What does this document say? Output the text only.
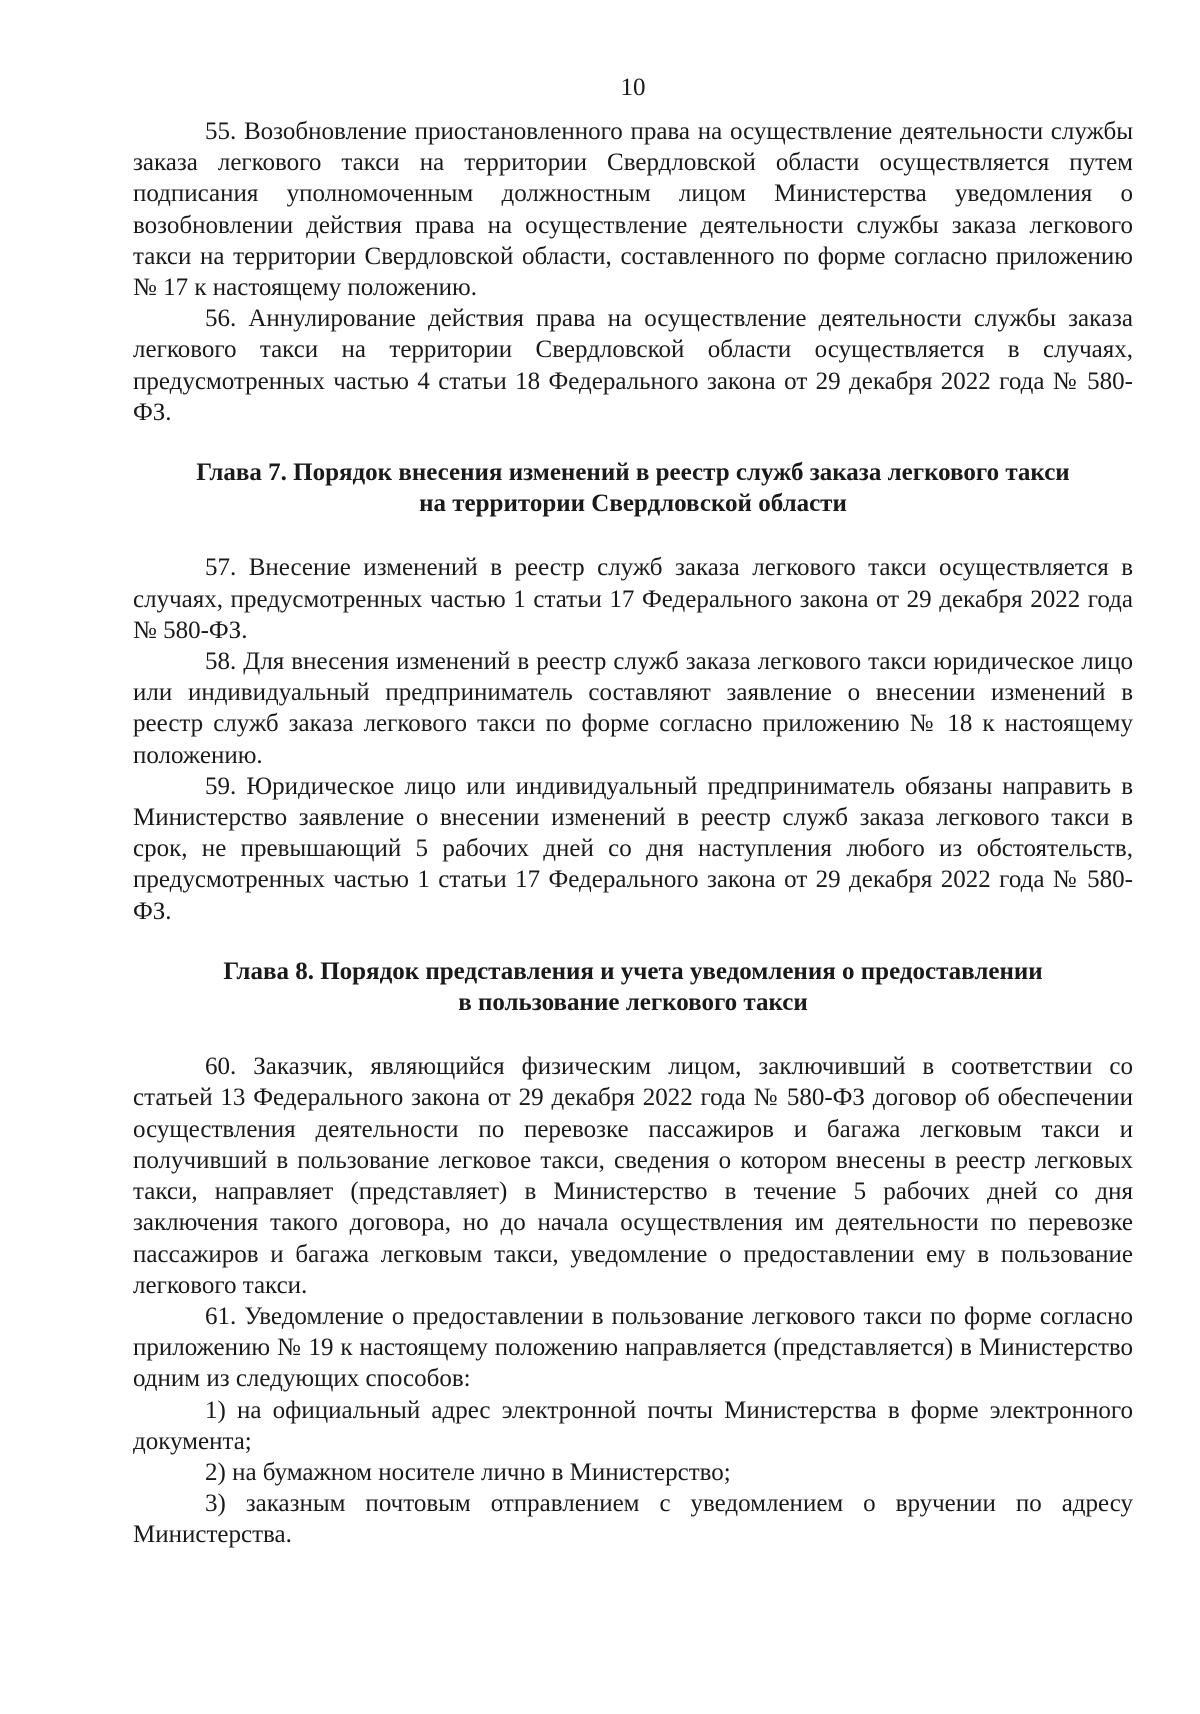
10

55. Возобновление приостановленного права на осуществление деятельности службы заказа легкового такси на территории Свердловской области осуществляется путем подписания уполномоченным должностным лицом Министерства уведомления о возобновлении действия права на осуществление деятельности службы заказа легкового такси на территории Свердловской области, составленного по форме согласно приложению № 17 к настоящему положению.

56. Аннулирование действия права на осуществление деятельности службы заказа легкового такси на территории Свердловской области осуществляется в случаях, предусмотренных частью 4 статьи 18 Федерального закона от 29 декабря 2022 года № 580-ФЗ.

Глава 7. Порядок внесения изменений в реестр служб заказа легкового такси
на территории Свердловской области

57. Внесение изменений в реестр служб заказа легкового такси осуществляется в случаях, предусмотренных частью 1 статьи 17 Федерального закона от 29 декабря 2022 года № 580-ФЗ.

58. Для внесения изменений в реестр служб заказа легкового такси юридическое лицо или индивидуальный предприниматель составляют заявление о внесении изменений в реестр служб заказа легкового такси по форме согласно приложению № 18 к настоящему положению.

59. Юридическое лицо или индивидуальный предприниматель обязаны направить в Министерство заявление о внесении изменений в реестр служб заказа легкового такси в срок, не превышающий 5 рабочих дней со дня наступления любого из обстоятельств, предусмотренных частью 1 статьи 17 Федерального закона от 29 декабря 2022 года № 580-ФЗ.

Глава 8. Порядок представления и учета уведомления о предоставлении
в пользование легкового такси

60. Заказчик, являющийся физическим лицом, заключивший в соответствии со статьей 13 Федерального закона от 29 декабря 2022 года № 580-ФЗ договор об обеспечении осуществления деятельности по перевозке пассажиров и багажа легковым такси и получивший в пользование легковое такси, сведения о котором внесены в реестр легковых такси, направляет (представляет) в Министерство в течение 5 рабочих дней со дня заключения такого договора, но до начала осуществления им деятельности по перевозке пассажиров и багажа легковым такси, уведомление о предоставлении ему в пользование легкового такси.

61. Уведомление о предоставлении в пользование легкового такси по форме согласно приложению № 19 к настоящему положению направляется (представляется) в Министерство одним из следующих способов:

1) на официальный адрес электронной почты Министерства в форме электронного документа;

2) на бумажном носителе лично в Министерство;

3) заказным почтовым отправлением с уведомлением о вручении по адресу Министерства.
